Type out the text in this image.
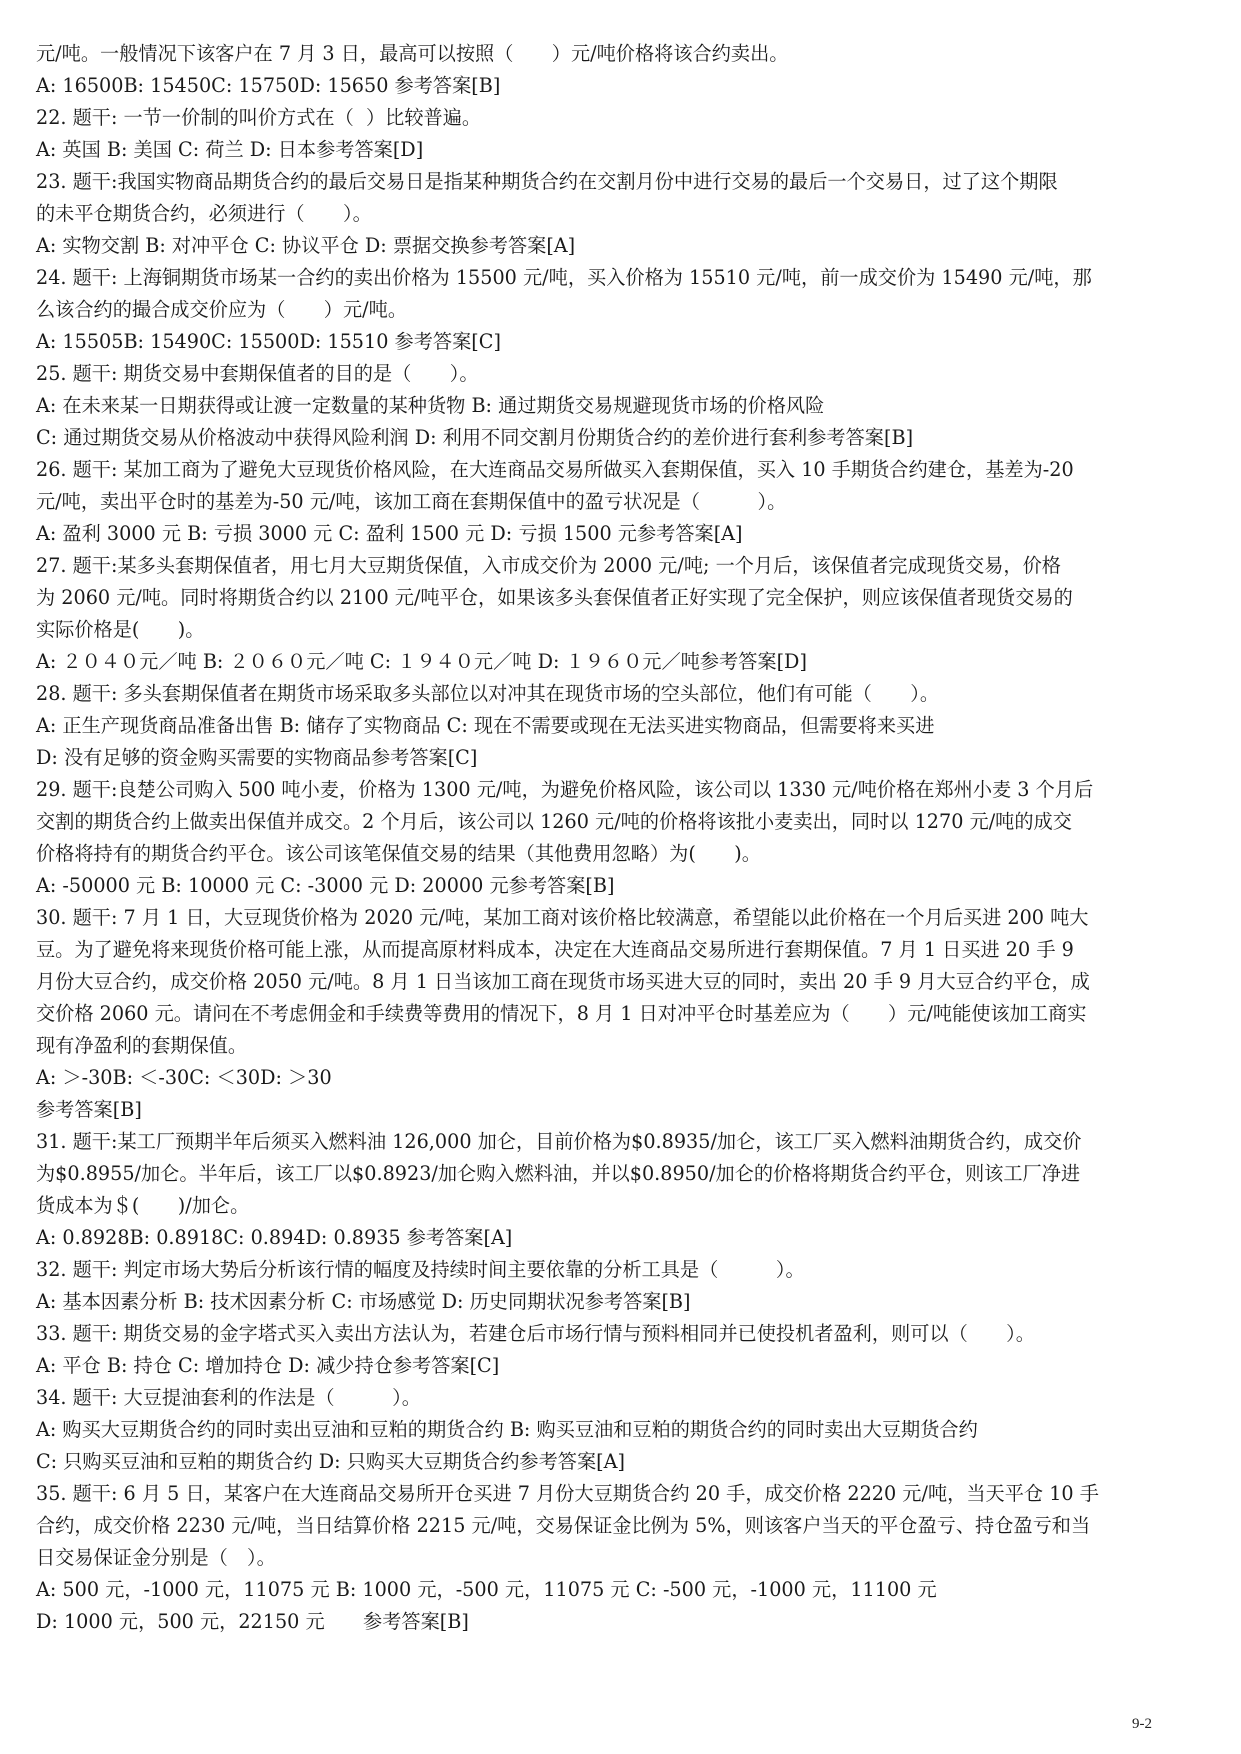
元/吨。一般情况下该客户在 7 月 3 日，最高可以按照（　　）元/吨价格将该合约卖出。
A: 16500B: 15450C: 15750D: 15650 参考答案[B]
22. 题干: 一节一价制的叫价方式在（  ）比较普遍。
A: 英国 B: 美国 C: 荷兰 D: 日本参考答案[D]
23. 题干:我国实物商品期货合约的最后交易日是指某种期货合约在交割月份中进行交易的最后一个交易日，过了这个期限
的未平仓期货合约，必须进行（　　）。
A: 实物交割 B: 对冲平仓 C: 协议平仓 D: 票据交换参考答案[A]
24. 题干: 上海铜期货市场某一合约的卖出价格为 15500 元/吨，买入价格为 15510 元/吨，前一成交价为 15490 元/吨，那
么该合约的撮合成交价应为（　　）元/吨。
A: 15505B: 15490C: 15500D: 15510 参考答案[C]
25. 题干: 期货交易中套期保值者的目的是（　　）。
A: 在未来某一日期获得或让渡一定数量的某种货物 B: 通过期货交易规避现货市场的价格风险
C: 通过期货交易从价格波动中获得风险利润 D: 利用不同交割月份期货合约的差价进行套利参考答案[B]
26. 题干: 某加工商为了避免大豆现货价格风险，在大连商品交易所做买入套期保值，买入 10 手期货合约建仓，基差为-20
元/吨，卖出平仓时的基差为-50 元/吨，该加工商在套期保值中的盈亏状况是（　　　）。
A: 盈利 3000 元 B: 亏损 3000 元 C: 盈利 1500 元 D: 亏损 1500 元参考答案[A]
27. 题干:某多头套期保值者，用七月大豆期货保值，入市成交价为 2000 元/吨; 一个月后，该保值者完成现货交易，价格
为 2060 元/吨。同时将期货合约以 2100 元/吨平仓，如果该多头套保值者正好实现了完全保护，则应该保值者现货交易的
实际价格是(　　)。
A: ２０４０元／吨 B: ２０６０元／吨 C: １９４０元／吨 D: １９６０元／吨参考答案[D]
28. 题干: 多头套期保值者在期货市场采取多头部位以对冲其在现货市场的空头部位，他们有可能（　　）。
A: 正生产现货商品准备出售 B: 储存了实物商品 C: 现在不需要或现在无法买进实物商品，但需要将来买进
D: 没有足够的资金购买需要的实物商品参考答案[C]
29. 题干:良楚公司购入 500 吨小麦，价格为 1300 元/吨，为避免价格风险，该公司以 1330 元/吨价格在郑州小麦 3 个月后
交割的期货合约上做卖出保值并成交。2 个月后，该公司以 1260 元/吨的价格将该批小麦卖出，同时以 1270 元/吨的成交
价格将持有的期货合约平仓。该公司该笔保值交易的结果（其他费用忽略）为(　　)。
A: -50000 元 B: 10000 元 C: -3000 元 D: 20000 元参考答案[B]
30. 题干: 7 月 1 日，大豆现货价格为 2020 元/吨，某加工商对该价格比较满意，希望能以此价格在一个月后买进 200 吨大
豆。为了避免将来现货价格可能上涨，从而提高原材料成本，决定在大连商品交易所进行套期保值。7 月 1 日买进 20 手 9
月份大豆合约，成交价格 2050 元/吨。8 月 1 日当该加工商在现货市场买进大豆的同时，卖出 20 手 9 月大豆合约平仓，成
交价格 2060 元。请问在不考虑佣金和手续费等费用的情况下，8 月 1 日对冲平仓时基差应为（　　）元/吨能使该加工商实
现有净盈利的套期保值。
A: ＞-30B: ＜-30C: ＜30D: ＞30
参考答案[B]
31. 题干:某工厂预期半年后须买入燃料油 126,000 加仑，目前价格为$0.8935/加仑，该工厂买入燃料油期货合约，成交价
为$0.8955/加仑。半年后，该工厂以$0.8923/加仑购入燃料油，并以$0.8950/加仑的价格将期货合约平仓，则该工厂净进
货成本为＄(　　)/加仑。
A: 0.8928B: 0.8918C: 0.894D: 0.8935 参考答案[A]
32. 题干: 判定市场大势后分析该行情的幅度及持续时间主要依靠的分析工具是（　　　）。
A: 基本因素分析 B: 技术因素分析 C: 市场感觉 D: 历史同期状况参考答案[B]
33. 题干: 期货交易的金字塔式买入卖出方法认为，若建仓后市场行情与预料相同并已使投机者盈利，则可以（　　）。
A: 平仓 B: 持仓 C: 增加持仓 D: 减少持仓参考答案[C]
34. 题干: 大豆提油套利的作法是（　　　）。
A: 购买大豆期货合约的同时卖出豆油和豆粕的期货合约 B: 购买豆油和豆粕的期货合约的同时卖出大豆期货合约
C: 只购买豆油和豆粕的期货合约 D: 只购买大豆期货合约参考答案[A]
35. 题干: 6 月 5 日，某客户在大连商品交易所开仓买进 7 月份大豆期货合约 20 手，成交价格 2220 元/吨，当天平仓 10 手
合约，成交价格 2230 元/吨，当日结算价格 2215 元/吨，交易保证金比例为 5%，则该客户当天的平仓盈亏、持仓盈亏和当
日交易保证金分别是（　）。
A: 500 元，-1000 元，11075 元 B: 1000 元，-500 元，11075 元 C: -500 元，-1000 元，11100 元
D: 1000 元，500 元，22150 元　　参考答案[B]
9-2
